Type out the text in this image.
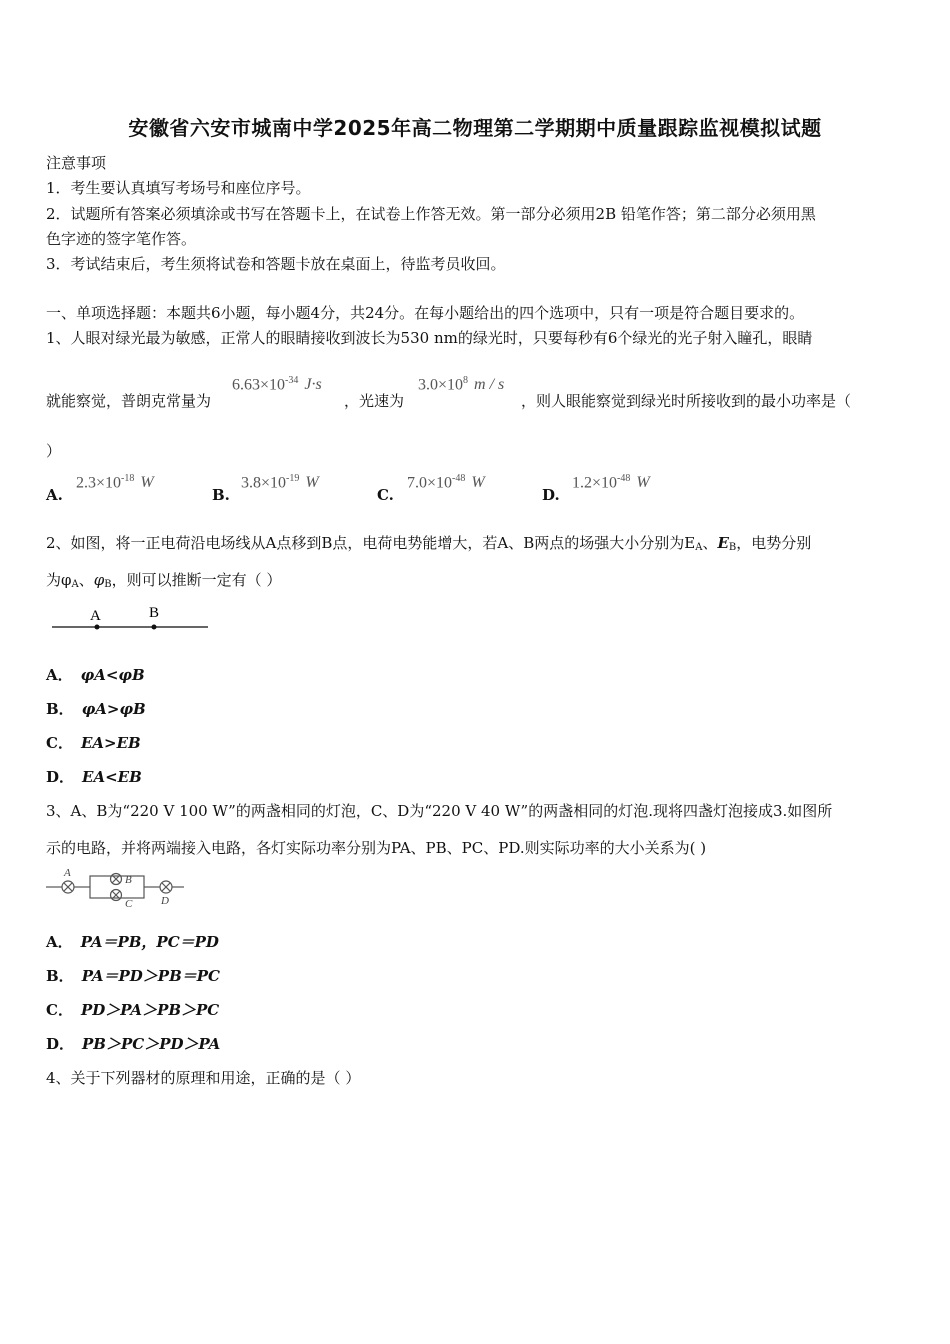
安徽省六安市城南中学2025年高二物理第二学期期中质量跟踪监视模拟试题
注意事项
1．考生要认真填写考场号和座位序号。
2．试题所有答案必须填涂或书写在答题卡上，在试卷上作答无效。第一部分必须用2B 铅笔作答；第二部分必须用黑
色字迹的签字笔作答。
3．考试结束后，考生须将试卷和答题卡放在桌面上，待监考员收回。
一、单项选择题：本题共6小题，每小题4分，共24分。在每小题给出的四个选项中，只有一项是符合题目要求的。
1、人眼对绿光最为敏感，正常人的眼睛接收到波长为530 nm的绿光时，只要每秒有6个绿光的光子射入瞳孔，眼睛
就能察觉，普朗克常量为
$6.63\times 10^{-34}$ J·s
，光速为
$3.0\times 10^8$ m / s
，则人眼能察觉到绿光时所接收到的最小功率是（
）
A.
$2.3\times 10^{-18}$ W
B.
$3.8\times 10^{-19}$ W
C.
$7.0\times 10^{-48}$ W
D.
$1.2\times 10^{-48}$ W
2、如图，将一正电荷沿电场线从A点移到B点，电荷电势能增大，若A、B两点的场强大小分别为$E_A$、$E_B$，电势分别
为$\varphi_A$、$\varphi_B$，则可以推断一定有（ ）
A	B
A． φA<φB
B． φA>φB
C． EA>EB
D． EA<EB
3、A、B为“220 V 100 W”的两盏相同的灯泡，C、D为“220 V 40 W”的两盏相同的灯泡.现将四盏灯泡接成3.如图所
示的电路，并将两端接入电路，各灯实际功率分别为PA、PB、PC、PD.则实际功率的大小关系为( )
A
B
C	D
A． PA＝PB，PC＝PD
B． PA＝PD＞PB＝PC
C． PD＞PA＞PB＞PC
D． PB＞PC＞PD＞PA
4、关于下列器材的原理和用途，正确的是（ ）
